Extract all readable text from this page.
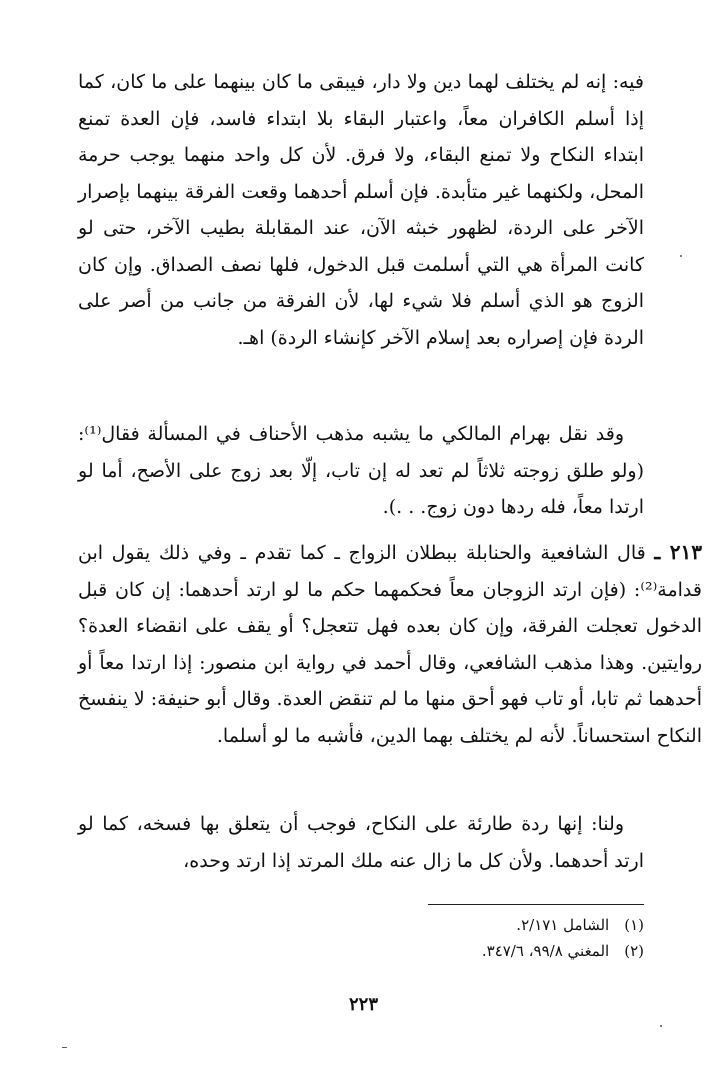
فيه: إنه لم يختلف لهما دين ولا دار، فيبقى ما كان بينهما على ما كان، كما إذا أسلم الكافران معاً، واعتبار البقاء بلا ابتداء فاسد، فإن العدة تمنع ابتداء النكاح ولا تمنع البقاء، ولا فرق. لأن كل واحد منهما يوجب حرمة المحل، ولكنهما غير متأبدة. فإن أسلم أحدهما وقعت الفرقة بينهما بإصرار الآخر على الردة، لظهور خبثه الآن، عند المقابلة بطيب الآخر، حتى لو كانت المرأة هي التي أسلمت قبل الدخول، فلها نصف الصداق. وإن كان الزوج هو الذي أسلم فلا شيء لها، لأن الفرقة من جانب من أصر على الردة فإن إصراره بعد إسلام الآخر كإنشاء الردة) اهـ.

وقد نقل بهرام المالكي ما يشبه مذهب الأحناف في المسألة فقال⁽¹⁾: (ولو طلق زوجته ثلاثاً لم تعد له إن تاب، إلّا بعد زوج على الأصح، أما لو ارتدا معاً، فله ردها دون زوج. . .).

٢١٣ ـ قال الشافعية والحنابلة ببطلان الزواج ـ كما تقدم ـ وفي ذلك يقول ابن قدامة⁽²⁾: (فإن ارتد الزوجان معاً فحكمهما حكم ما لو ارتد أحدهما: إن كان قبل الدخول تعجلت الفرقة، وإن كان بعده فهل تتعجل؟ أو يقف على انقضاء العدة؟ روايتين. وهذا مذهب الشافعي، وقال أحمد في رواية ابن منصور: إذا ارتدا معاً أو أحدهما ثم تابا، أو تاب فهو أحق منها ما لم تنقض العدة. وقال أبو حنيفة: لا ينفسخ النكاح استحساناً. لأنه لم يختلف بهما الدين، فأشبه ما لو أسلما.

ولنا: إنها ردة طارئة على النكاح، فوجب أن يتعلق بها فسخه، كما لو ارتد أحدهما. ولأن كل ما زال عنه ملك المرتد إذا ارتد وحده،

(١) الشامل ٢/١٧١.
(٢) المغني ٩٩/٨، ٣٤٧/٦.
٢٢٣
